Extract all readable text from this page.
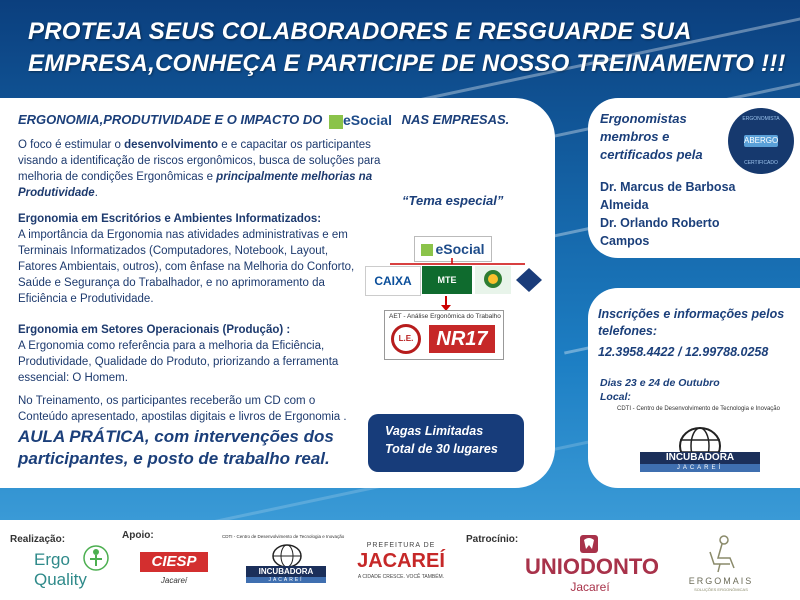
PROTEJA SEUS COLABORADORES E RESGUARDE SUA
EMPRESA,CONHEÇA E PARTICIPE DE NOSSO TREINAMENTO !!!
ERGONOMIA,PRODUTIVIDADE E O IMPACTO DO eSocial NAS EMPRESAS.
O foco é estimular o desenvolvimento e e capacitar os participantes visando a identificação de riscos ergonômicos, busca de soluções para melhoria de condições Ergonômicas e principalmente melhorias na Produtividade.
Ergonomia em Escritórios e Ambientes Informatizados:
A importância da Ergonomia nas atividades administrativas e em Terminais Informatizados (Computadores, Notebook, Layout, Fatores Ambientais, outros), com ênfase na Melhoria do Conforto, Saúde e Segurança do Trabalhador, e no aprimoramento da Eficiência e Produtividade.
Ergonomia em Setores Operacionais (Produção) :
A Ergonomia como referência para a melhoria da Eficiência, Produtividade, Qualidade do Produto, priorizando a ferramenta essencial: O Homem.
No Treinamento, os participantes receberão um CD com o Conteúdo apresentado, apostilas digitais e livros de Ergonomia .
AULA PRÁTICA, com intervenções dos participantes, e posto de trabalho real.
“Tema especial”
eSocial
CAIXA	MTE
AET - Análise Ergonômica do Trabalho
L.E.	NR17
Vagas Limitadas
Total de 30 lugares
Ergonomistas
membros e
certificados pela
ERGONOMISTA
ABERGO
CERTIFICADO
Dr. Marcus de Barbosa
Almeida
Dr. Orlando Roberto
Campos
Inscrições e informações pelos
telefones:
12.3958.4422 / 12.99788.0258
Dias 23 e 24 de Outubro
Local:
CDTI - Centro de Desenvolvimento de Tecnologia e Inovação
INCUBADORA
JACAREÍ
Realização:	Apoio:	Patrocínio:
Ergo
Quality
CIESP
Jacareí
CDTI - Centro de Desenvolvimento de Tecnologia e Inovação
INCUBADORA
JACAREÍ
PREFEITURA DE
JACAREÍ
A CIDADE CRESCE. VOCÊ TAMBÉM.	UNIODONTO
Jacareí	ERGOMAIS
SOLUÇÕES ERGONÔMICAS
